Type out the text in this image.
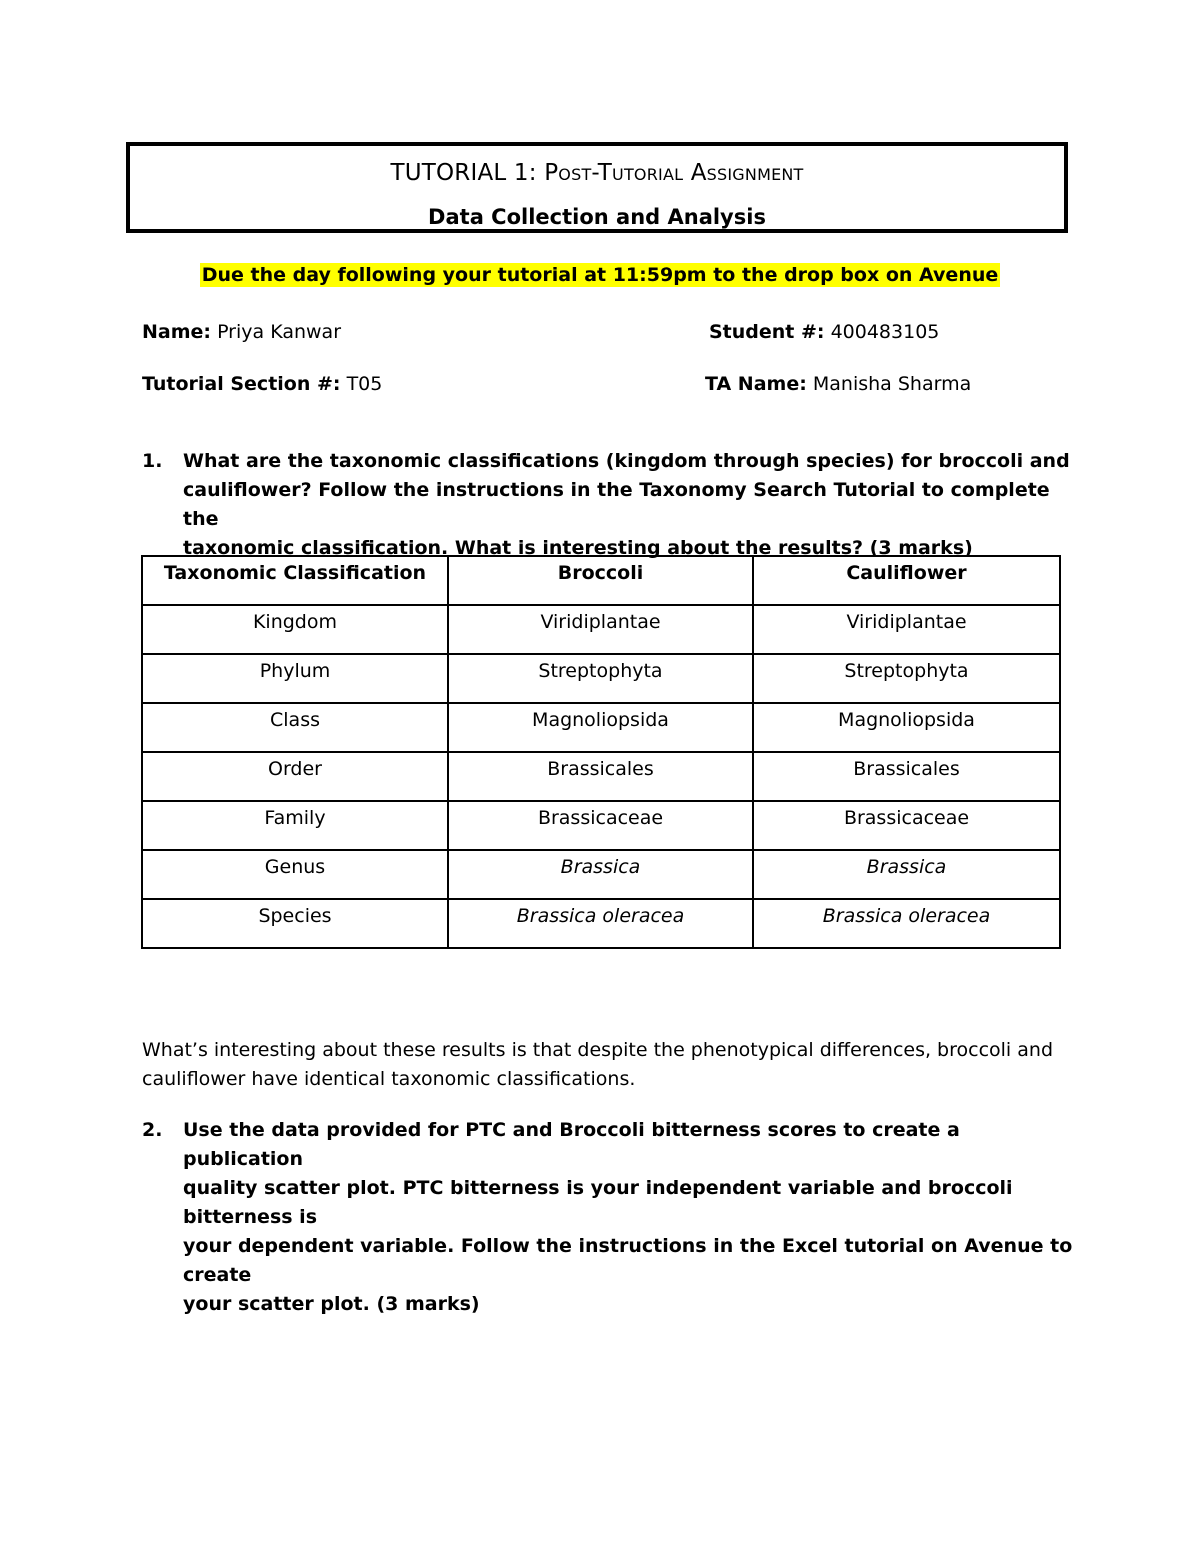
TUTORIAL 1: Post-Tutorial Assignment
Data Collection and Analysis
Due the day following your tutorial at 11:59pm to the drop box on Avenue
Name: Priya Kanwar	Student #: 400483105
Tutorial Section #: T05	TA Name: Manisha Sharma
1. What are the taxonomic classifications (kingdom through species) for broccoli and
cauliflower? Follow the instructions in the Taxonomy Search Tutorial to complete the
taxonomic classification. What is interesting about the results? (3 marks)
Taxonomic Classification	Broccoli	Cauliflower
Kingdom	Viridiplantae	Viridiplantae
Phylum	Streptophyta	Streptophyta
Class	Magnoliopsida	Magnoliopsida
Order	Brassicales	Brassicales
Family	Brassicaceae	Brassicaceae
Genus	Brassica	Brassica
Species	Brassica oleracea	Brassica oleracea
What’s interesting about these results is that despite the phenotypical differences, broccoli and
cauliflower have identical taxonomic classifications.
2. Use the data provided for PTC and Broccoli bitterness scores to create a publication
quality scatter plot. PTC bitterness is your independent variable and broccoli bitterness is
your dependent variable. Follow the instructions in the Excel tutorial on Avenue to create
your scatter plot. (3 marks)
